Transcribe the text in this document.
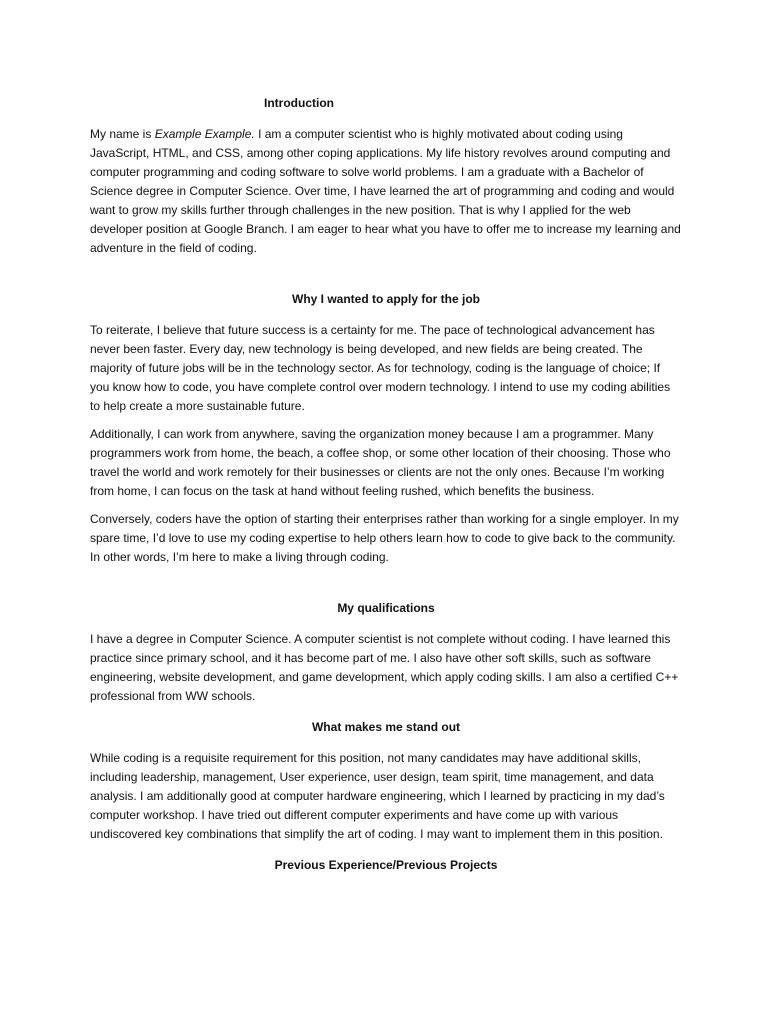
Introduction

My name is Example Example. I am a computer scientist who is highly motivated about coding using JavaScript, HTML, and CSS, among other coping applications. My life history revolves around computing and computer programming and coding software to solve world problems. I am a graduate with a Bachelor of Science degree in Computer Science. Over time, I have learned the art of programming and coding and would want to grow my skills further through challenges in the new position. That is why I applied for the web developer position at Google Branch. I am eager to hear what you have to offer me to increase my learning and adventure in the field of coding.

Why I wanted to apply for the job

To reiterate, I believe that future success is a certainty for me. The pace of technological advancement has never been faster. Every day, new technology is being developed, and new fields are being created. The majority of future jobs will be in the technology sector. As for technology, coding is the language of choice; If you know how to code, you have complete control over modern technology. I intend to use my coding abilities to help create a more sustainable future.

Additionally, I can work from anywhere, saving the organization money because I am a programmer. Many programmers work from home, the beach, a coffee shop, or some other location of their choosing. Those who travel the world and work remotely for their businesses or clients are not the only ones. Because I’m working from home, I can focus on the task at hand without feeling rushed, which benefits the business.

Conversely, coders have the option of starting their enterprises rather than working for a single employer. In my spare time, I’d love to use my coding expertise to help others learn how to code to give back to the community. In other words, I’m here to make a living through coding.

My qualifications

I have a degree in Computer Science. A computer scientist is not complete without coding. I have learned this practice since primary school, and it has become part of me. I also have other soft skills, such as software engineering, website development, and game development, which apply coding skills. I am also a certified C++ professional from WW schools.

What makes me stand out

While coding is a requisite requirement for this position, not many candidates may have additional skills, including leadership, management, User experience, user design, team spirit, time management, and data analysis. I am additionally good at computer hardware engineering, which I learned by practicing in my dad’s computer workshop. I have tried out different computer experiments and have come up with various undiscovered key combinations that simplify the art of coding. I may want to implement them in this position.

Previous Experience/Previous Projects
